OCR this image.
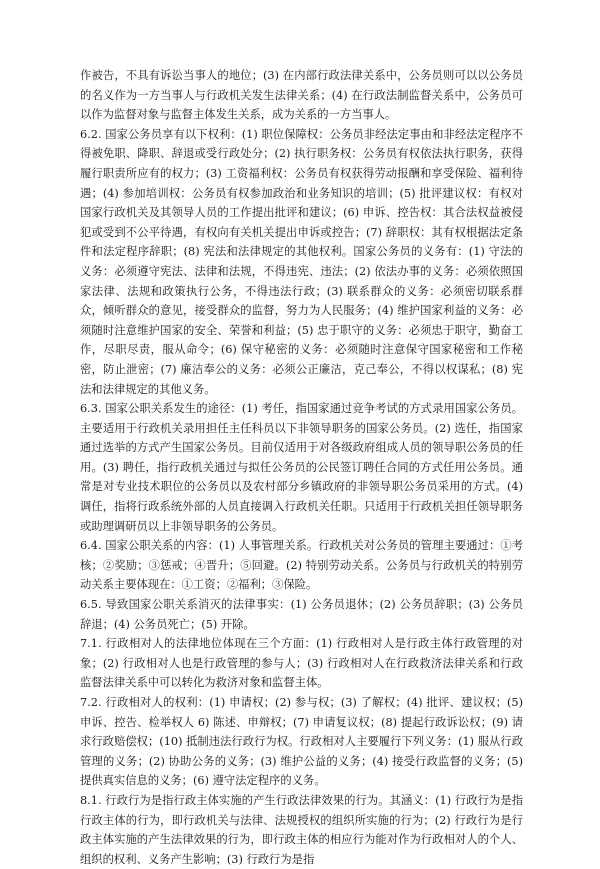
作被告，不具有诉讼当事人的地位；(3) 在内部行政法律关系中，公务员则可以以公务员的名义作为一方当事人与行政机关发生法律关系；(4) 在行政法制监督关系中，公务员可以作为监督对象与监督主体发生关系，成为关系的一方当事人。

6.2. 国家公务员享有以下权利：(1) 职位保障权：公务员非经法定事由和非经法定程序不得被免职、降职、辞退或受行政处分；(2) 执行职务权：公务员有权依法执行职务，获得履行职责所应有的权力；(3) 工资福利权：公务员有权获得劳动报酬和享受保险、福利待遇；(4) 参加培训权：公务员有权参加政治和业务知识的培训；(5) 批评建议权：有权对国家行政机关及其领导人员的工作提出批评和建议；(6) 申诉、控告权：其合法权益被侵犯或受到不公平待遇，有权向有关机关提出申诉或控告；(7) 辞职权：其有权根据法定条件和法定程序辞职；(8) 宪法和法律规定的其他权利。国家公务员的义务有：(1) 守法的义务：必须遵守宪法、法律和法规，不得违宪、违法；(2) 依法办事的义务：必须依照国家法律、法规和政策执行公务，不得违法行政；(3) 联系群众的义务：必须密切联系群众，倾听群众的意见，接受群众的监督，努力为人民服务；(4) 维护国家利益的义务：必须随时注意维护国家的安全、荣誉和利益；(5) 忠于职守的义务：必须忠于职守，勤奋工作，尽职尽责，服从命令；(6) 保守秘密的义务：必须随时注意保守国家秘密和工作秘密，防止泄密；(7) 廉洁奉公的义务：必须公正廉洁，克己奉公，不得以权谋私；(8) 宪法和法律规定的其他义务。

6.3. 国家公职关系发生的途径：(1) 考任，指国家通过竞争考试的方式录用国家公务员。主要适用于行政机关录用担任主任科员以下非领导职务的国家公务员。(2) 选任，指国家通过选举的方式产生国家公务员。目前仅适用于对各级政府组成人员的领导职公务员的任用。(3) 聘任，指行政机关通过与拟任公务员的公民签订聘任合同的方式任用公务员。通常是对专业技术职位的公务员以及农村部分乡镇政府的非领导职公务员采用的方式。(4) 调任，指将行政系统外部的人员直接调入行政机关任职。只适用于行政机关担任领导职务或助理调研员以上非领导职务的公务员。

6.4. 国家公职关系的内容：(1) 人事管理关系。行政机关对公务员的管理主要通过：①考核；②奖励；③惩戒；④晋升；⑤回避。(2) 特别劳动关系。公务员与行政机关的特别劳动关系主要体现在：①工资；②福利；③保险。

6.5. 导致国家公职关系消灭的法律事实：(1) 公务员退休；(2) 公务员辞职；(3) 公务员辞退；(4) 公务员死亡；(5) 开除。

7.1. 行政相对人的法律地位体现在三个方面：(1) 行政相对人是行政主体行政管理的对象；(2) 行政相对人也是行政管理的参与人；(3) 行政相对人在行政救济法律关系和行政监督法律关系中可以转化为救济对象和监督主体。

7.2. 行政相对人的权利：(1) 申请权；(2) 参与权；(3) 了解权；(4) 批评、建议权；(5) 申诉、控告、检举权人 6) 陈述、申辩权；(7) 申请复议权；(8) 提起行政诉讼权；(9) 请求行政赔偿权；(10) 抵制违法行政行为权。行政相对人主要履行下列义务：(1) 服从行政管理的义务；(2) 协助公务的义务；(3) 维护公益的义务；(4) 接受行政监督的义务；(5) 提供真实信息的义务；(6) 遵守法定程序的义务。

8.1. 行政行为是指行政主体实施的产生行政法律效果的行为。其涵义：(1) 行政行为是指行政主体的行为，即行政机关与法律、法规授权的组织所实施的行为；(2) 行政行为是行政主体实施的产生法律效果的行为，即行政主体的相应行为能对作为行政相对人的个人、组织的权利、义务产生影响；(3) 行政行为是指
